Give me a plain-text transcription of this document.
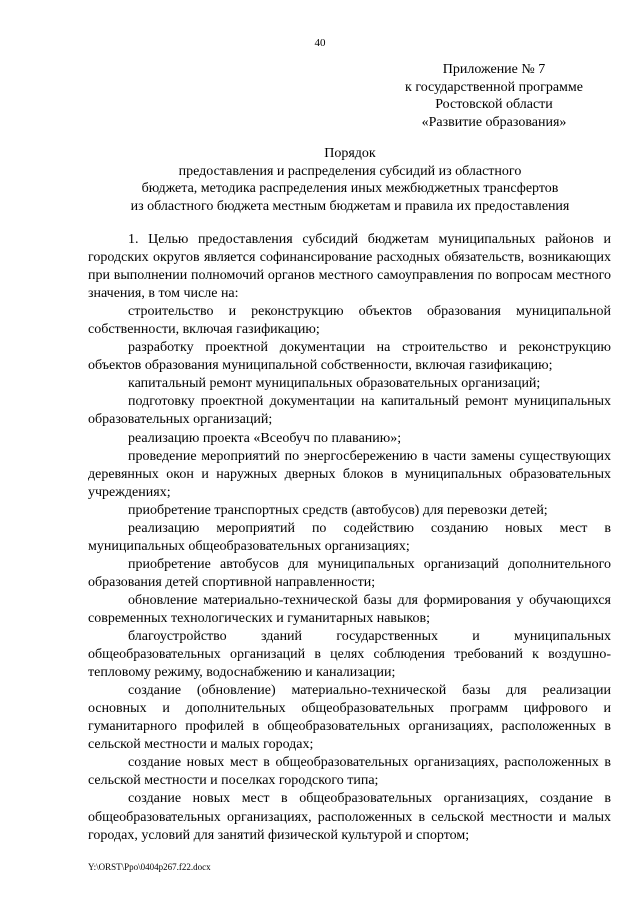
40
Приложение № 7
к государственной программе
Ростовской области
«Развитие образования»
Порядок
предоставления и распределения субсидий из областного
бюджета, методика распределения иных межбюджетных трансфертов
из областного бюджета местным бюджетам и правила их предоставления

1. Целью предоставления субсидий бюджетам муниципальных районов и городских округов является софинансирование расходных обязательств, возникающих при выполнении полномочий органов местного самоуправления по вопросам местного значения, в том числе на:

строительство и реконструкцию объектов образования муниципальной собственности, включая газификацию;

разработку проектной документации на строительство и реконструкцию объектов образования муниципальной собственности, включая газификацию;

капитальный ремонт муниципальных образовательных организаций;

подготовку проектной документации на капитальный ремонт муниципальных образовательных организаций;

реализацию проекта «Всеобуч по плаванию»;

проведение мероприятий по энергосбережению в части замены существующих деревянных окон и наружных дверных блоков в муниципальных образовательных учреждениях;

приобретение транспортных средств (автобусов) для перевозки детей;

реализацию мероприятий по содействию созданию новых мест в муниципальных общеобразовательных организациях;

приобретение автобусов для муниципальных организаций дополнительного образования детей спортивной направленности;

обновление материально-технической базы для формирования у обучающихся современных технологических и гуманитарных навыков;

благоустройство зданий государственных и муниципальных общеобразовательных организаций в целях соблюдения требований к воздушно-тепловому режиму, водоснабжению и канализации;

создание (обновление) материально-технической базы для реализации основных и дополнительных общеобразовательных программ цифрового и гуманитарного профилей в общеобразовательных организациях, расположенных в сельской местности и малых городах;

создание новых мест в общеобразовательных организациях, расположенных в сельской местности и поселках городского типа;

создание новых мест в общеобразовательных организациях, создание в общеобразовательных организациях, расположенных в сельской местности и малых городах, условий для занятий физической культурой и спортом;

Y:\ORST\Ppo\0404p267.f22.docx
